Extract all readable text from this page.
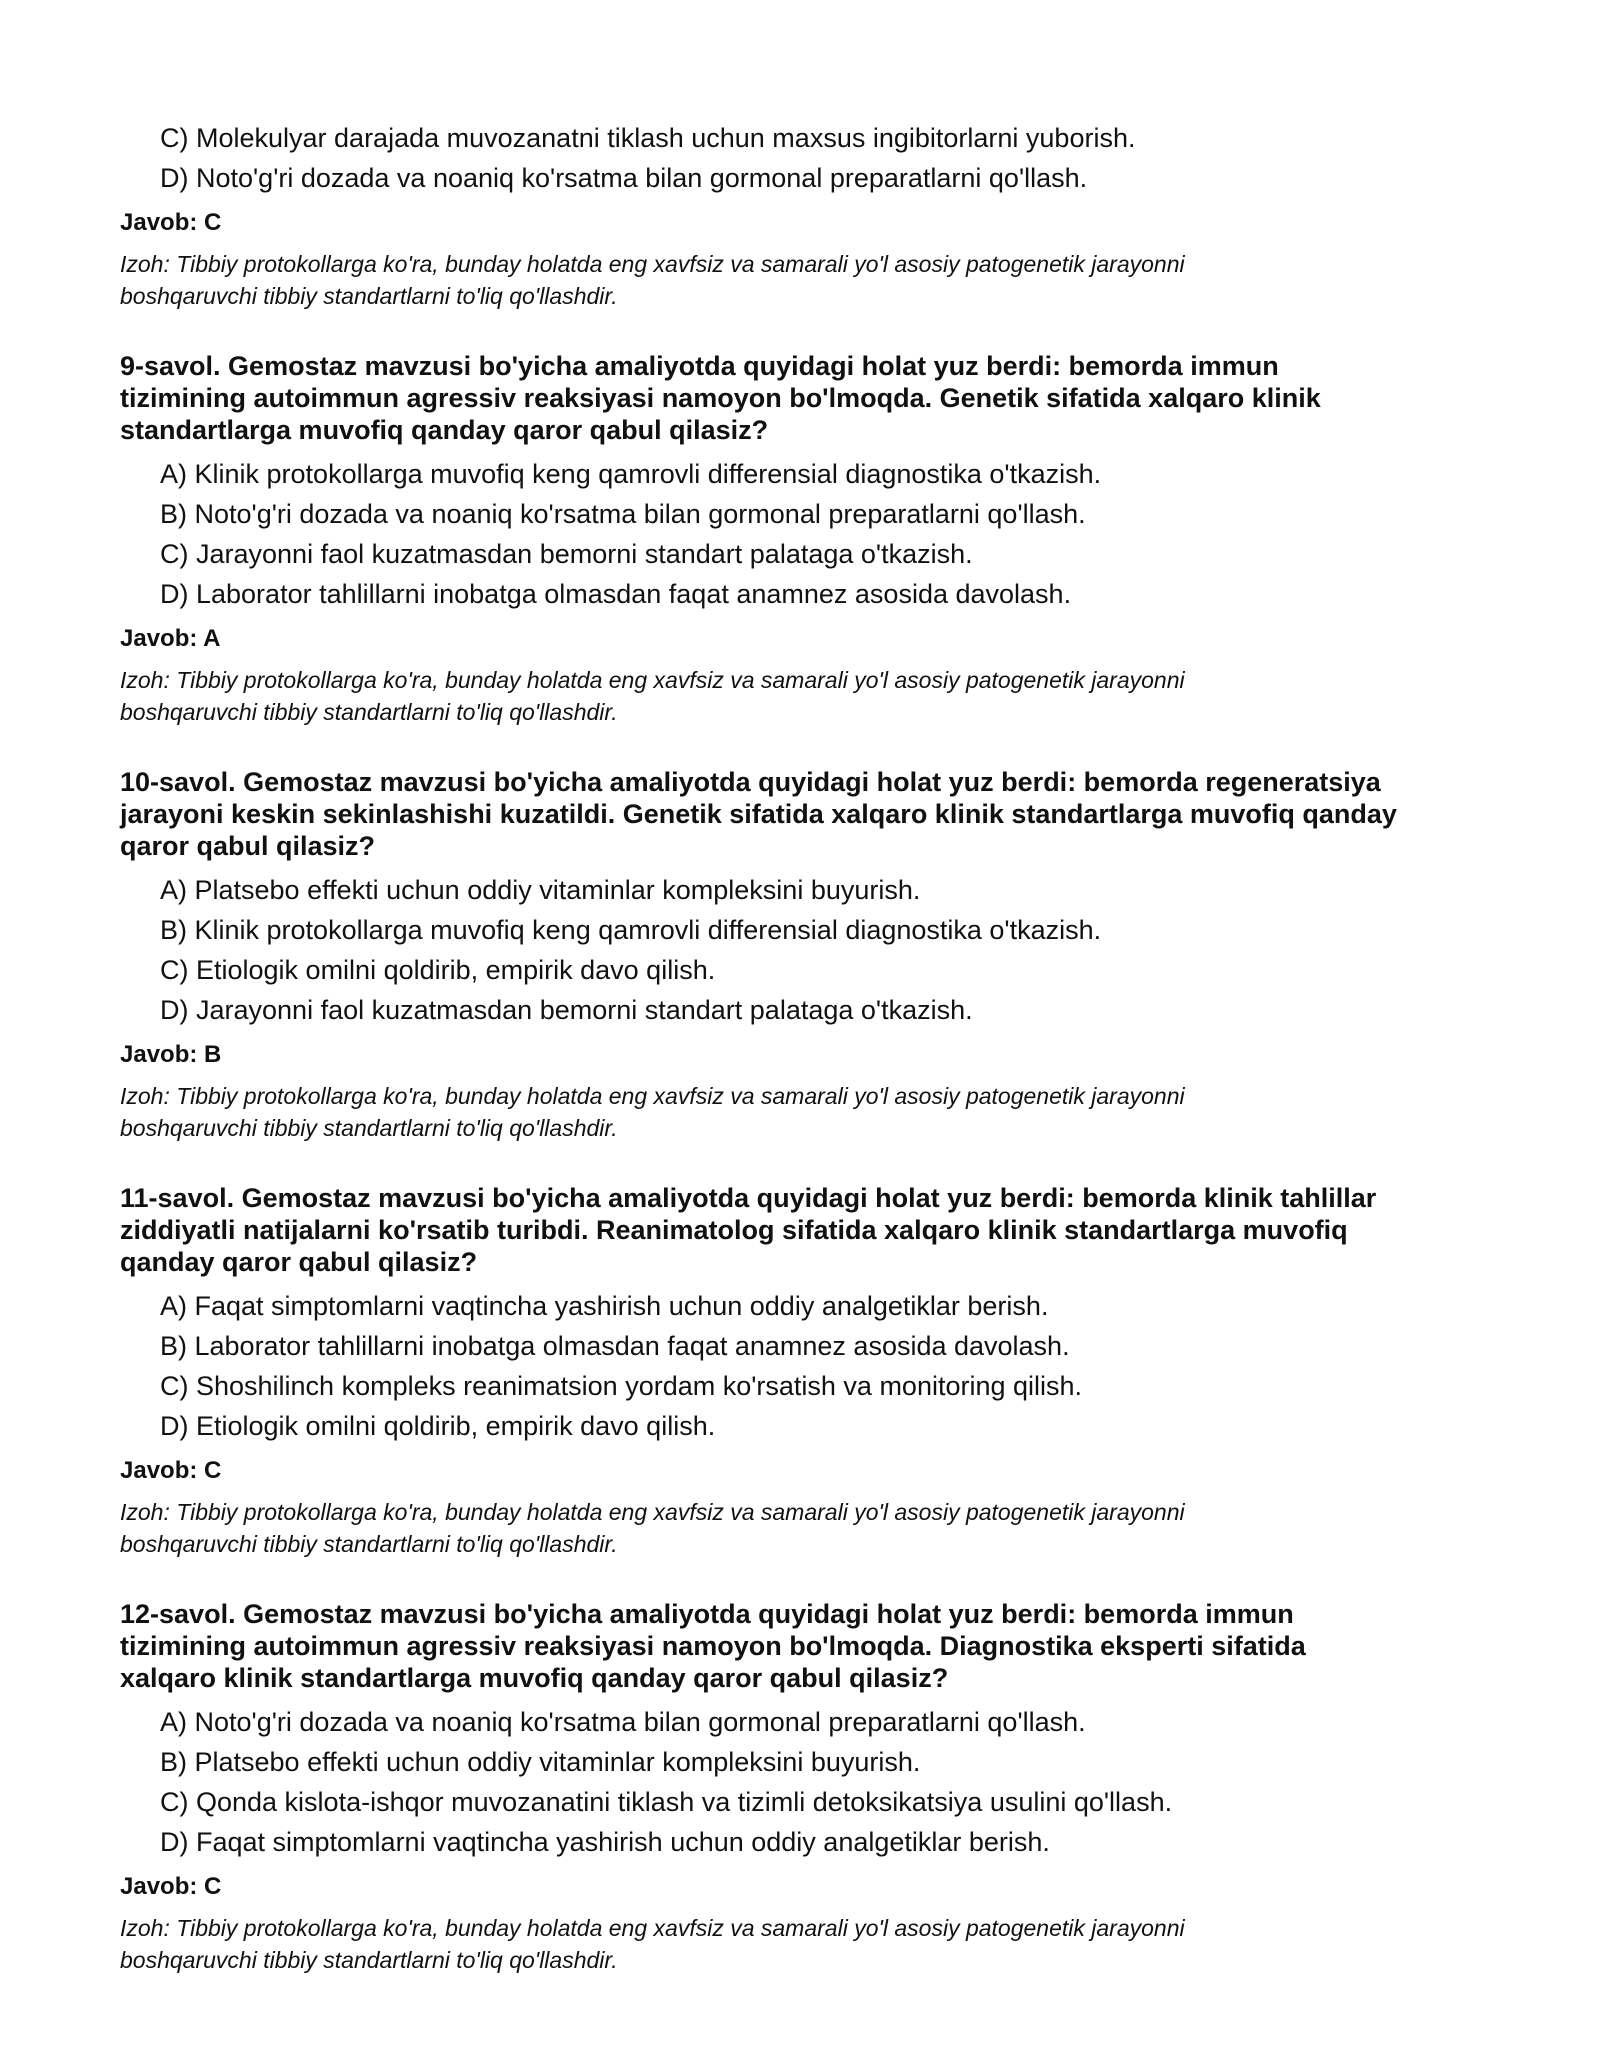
C) Molekulyar darajada muvozanatni tiklash uchun maxsus ingibitorlarni yuborish.
D) Noto'g'ri dozada va noaniq ko'rsatma bilan gormonal preparatlarni qo'llash.
Javob: C
Izoh: Tibbiy protokollarga ko'ra, bunday holatda eng xavfsiz va samarali yo'l asosiy patogenetik jarayonni
boshqaruvchi tibbiy standartlarni to'liq qo'llashdir.
9-savol. Gemostaz mavzusi bo'yicha amaliyotda quyidagi holat yuz berdi: bemorda immun
tizimining autoimmun agressiv reaksiyasi namoyon bo'lmoqda. Genetik sifatida xalqaro klinik
standartlarga muvofiq qanday qaror qabul qilasiz?
A) Klinik protokollarga muvofiq keng qamrovli differensial diagnostika o'tkazish.
B) Noto'g'ri dozada va noaniq ko'rsatma bilan gormonal preparatlarni qo'llash.
C) Jarayonni faol kuzatmasdan bemorni standart palataga o'tkazish.
D) Laborator tahlillarni inobatga olmasdan faqat anamnez asosida davolash.
Javob: A
Izoh: Tibbiy protokollarga ko'ra, bunday holatda eng xavfsiz va samarali yo'l asosiy patogenetik jarayonni
boshqaruvchi tibbiy standartlarni to'liq qo'llashdir.
10-savol. Gemostaz mavzusi bo'yicha amaliyotda quyidagi holat yuz berdi: bemorda regeneratsiya
jarayoni keskin sekinlashishi kuzatildi. Genetik sifatida xalqaro klinik standartlarga muvofiq qanday
qaror qabul qilasiz?
A) Platsebo effekti uchun oddiy vitaminlar kompleksini buyurish.
B) Klinik protokollarga muvofiq keng qamrovli differensial diagnostika o'tkazish.
C) Etiologik omilni qoldirib, empirik davo qilish.
D) Jarayonni faol kuzatmasdan bemorni standart palataga o'tkazish.
Javob: B
Izoh: Tibbiy protokollarga ko'ra, bunday holatda eng xavfsiz va samarali yo'l asosiy patogenetik jarayonni
boshqaruvchi tibbiy standartlarni to'liq qo'llashdir.
11-savol. Gemostaz mavzusi bo'yicha amaliyotda quyidagi holat yuz berdi: bemorda klinik tahlillar
ziddiyatli natijalarni ko'rsatib turibdi. Reanimatolog sifatida xalqaro klinik standartlarga muvofiq
qanday qaror qabul qilasiz?
A) Faqat simptomlarni vaqtincha yashirish uchun oddiy analgetiklar berish.
B) Laborator tahlillarni inobatga olmasdan faqat anamnez asosida davolash.
C) Shoshilinch kompleks reanimatsion yordam ko'rsatish va monitoring qilish.
D) Etiologik omilni qoldirib, empirik davo qilish.
Javob: C
Izoh: Tibbiy protokollarga ko'ra, bunday holatda eng xavfsiz va samarali yo'l asosiy patogenetik jarayonni
boshqaruvchi tibbiy standartlarni to'liq qo'llashdir.
12-savol. Gemostaz mavzusi bo'yicha amaliyotda quyidagi holat yuz berdi: bemorda immun
tizimining autoimmun agressiv reaksiyasi namoyon bo'lmoqda. Diagnostika eksperti sifatida
xalqaro klinik standartlarga muvofiq qanday qaror qabul qilasiz?
A) Noto'g'ri dozada va noaniq ko'rsatma bilan gormonal preparatlarni qo'llash.
B) Platsebo effekti uchun oddiy vitaminlar kompleksini buyurish.
C) Qonda kislota-ishqor muvozanatini tiklash va tizimli detoksikatsiya usulini qo'llash.
D) Faqat simptomlarni vaqtincha yashirish uchun oddiy analgetiklar berish.
Javob: C
Izoh: Tibbiy protokollarga ko'ra, bunday holatda eng xavfsiz va samarali yo'l asosiy patogenetik jarayonni
boshqaruvchi tibbiy standartlarni to'liq qo'llashdir.
